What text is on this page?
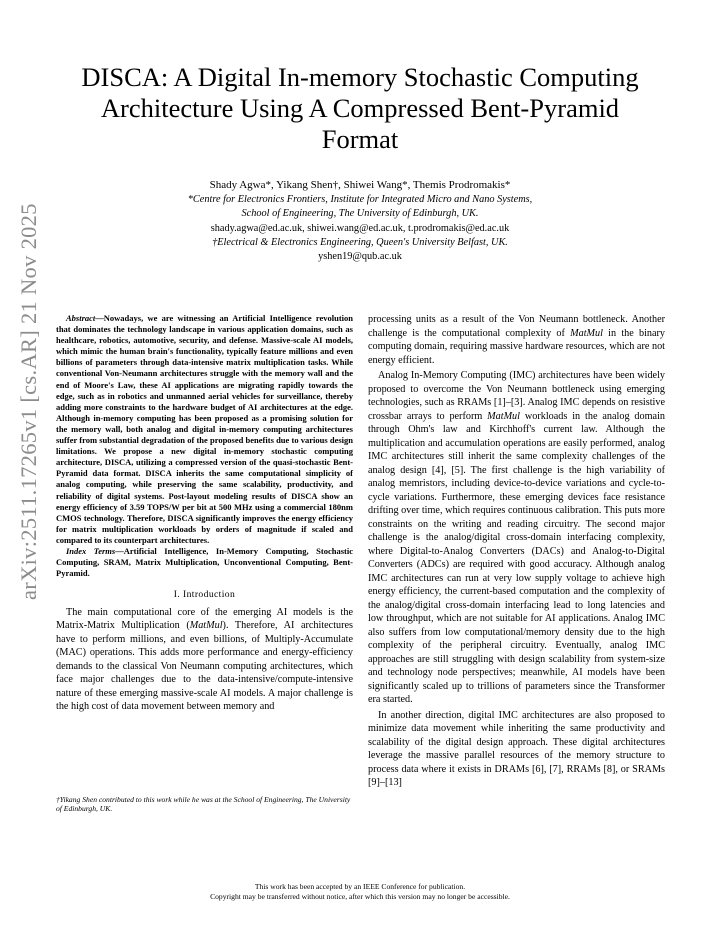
arXiv:2511.17265v1 [cs.AR] 21 Nov 2025
DISCA: A Digital In-memory Stochastic Computing Architecture Using A Compressed Bent-Pyramid Format
Shady Agwa*, Yikang Shen†, Shiwei Wang*, Themis Prodromakis*
*Centre for Electronics Frontiers, Institute for Integrated Micro and Nano Systems,
School of Engineering, The University of Edinburgh, UK.
shady.agwa@ed.ac.uk, shiwei.wang@ed.ac.uk, t.prodromakis@ed.ac.uk
†Electrical & Electronics Engineering, Queen's University Belfast, UK.
yshen19@qub.ac.uk

Abstract—Nowadays, we are witnessing an Artificial Intelligence revolution that dominates the technology landscape in various application domains, such as healthcare, robotics, automotive, security, and defense. Massive-scale AI models, which mimic the human brain's functionality, typically feature millions and even billions of parameters through data-intensive matrix multiplication tasks. While conventional Von-Neumann architectures struggle with the memory wall and the end of Moore's Law, these AI applications are migrating rapidly towards the edge, such as in robotics and unmanned aerial vehicles for surveillance, thereby adding more constraints to the hardware budget of AI architectures at the edge. Although in-memory computing has been proposed as a promising solution for the memory wall, both analog and digital in-memory computing architectures suffer from substantial degradation of the proposed benefits due to various design limitations. We propose a new digital in-memory stochastic computing architecture, DISCA, utilizing a compressed version of the quasi-stochastic Bent-Pyramid data format. DISCA inherits the same computational simplicity of analog computing, while preserving the same scalability, productivity, and reliability of digital systems. Post-layout modeling results of DISCA show an energy efficiency of 3.59 TOPS/W per bit at 500 MHz using a commercial 180nm CMOS technology. Therefore, DISCA significantly improves the energy efficiency for matrix multiplication workloads by orders of magnitude if scaled and compared to its counterpart architectures.

Index Terms—Artificial Intelligence, In-Memory Computing, Stochastic Computing, SRAM, Matrix Multiplication, Unconventional Computing, Bent-Pyramid.

I. Introduction

The main computational core of the emerging AI models is the Matrix-Matrix Multiplication (MatMul). Therefore, AI architectures have to perform millions, and even billions, of Multiply-Accumulate (MAC) operations. This adds more performance and energy-efficiency demands to the classical Von Neumann computing architectures, which face major challenges due to the data-intensive/compute-intensive nature of these emerging massive-scale AI models. A major challenge is the high cost of data movement between memory and

†Yikang Shen contributed to this work while he was at the School of Engineering, The University of Edinburgh, UK.

processing units as a result of the Von Neumann bottleneck. Another challenge is the computational complexity of MatMul in the binary computing domain, requiring massive hardware resources, which are not energy efficient.

Analog In-Memory Computing (IMC) architectures have been widely proposed to overcome the Von Neumann bottleneck using emerging technologies, such as RRAMs [1]–[3]. Analog IMC depends on resistive crossbar arrays to perform MatMul workloads in the analog domain through Ohm's law and Kirchhoff's current law. Although the multiplication and accumulation operations are easily performed, analog IMC architectures still inherit the same complexity challenges of the analog design [4], [5]. The first challenge is the high variability of analog memristors, including device-to-device variations and cycle-to-cycle variations. Furthermore, these emerging devices face resistance drifting over time, which requires continuous calibration. This puts more constraints on the writing and reading circuitry. The second major challenge is the analog/digital cross-domain interfacing complexity, where Digital-to-Analog Converters (DACs) and Analog-to-Digital Converters (ADCs) are required with good accuracy. Although analog IMC architectures can run at very low supply voltage to achieve high energy efficiency, the current-based computation and the complexity of the analog/digital cross-domain interfacing lead to long latencies and low throughput, which are not suitable for AI applications. Analog IMC also suffers from low computational/memory density due to the high complexity of the peripheral circuitry. Eventually, analog IMC approaches are still struggling with design scalability from system-size and technology node perspectives; meanwhile, AI models have been significantly scaled up to trillions of parameters since the Transformer era started.

In another direction, digital IMC architectures are also proposed to minimize data movement while inheriting the same productivity and scalability of the digital design approach. These digital architectures leverage the massive parallel resources of the memory structure to process data where it exists in DRAMs [6], [7], RRAMs [8], or SRAMs [9]–[13]

This work has been accepted by an IEEE Conference for publication.
Copyright may be transferred without notice, after which this version may no longer be accessible.
